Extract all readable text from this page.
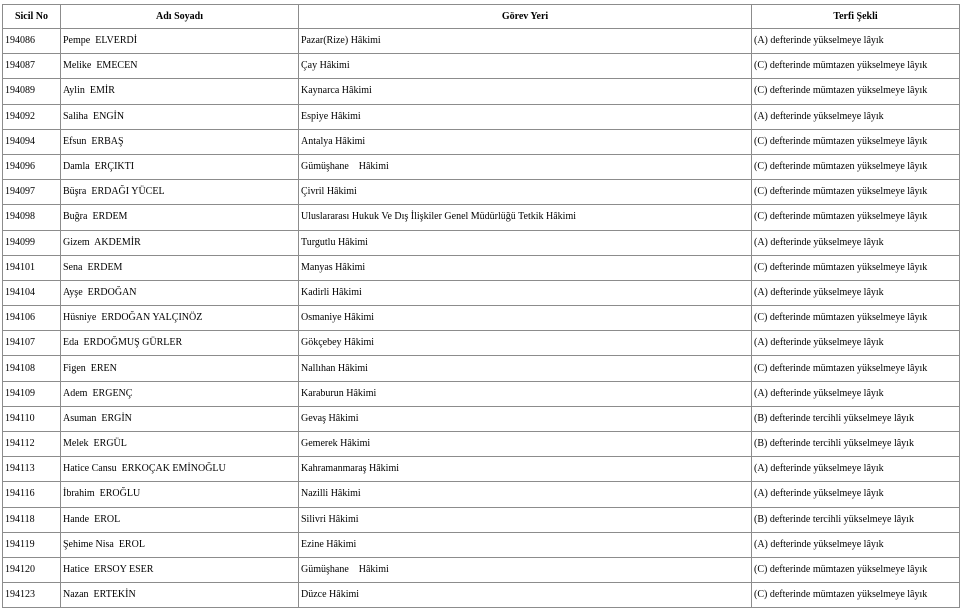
Sicil No	Adı Soyadı	Görev Yeri	Terfi Şekli
194086	Pempe  ELVERDİ	Pazar(Rize) Hâkimi	(A) defterinde yükselmeye lâyık
194087	Melike  EMECEN	Çay Hâkimi	(C) defterinde mümtazen yükselmeye lâyık
194089	Aylin  EMİR	Kaynarca Hâkimi	(C) defterinde mümtazen yükselmeye lâyık
194092	Saliha  ENGİN	Espiye Hâkimi	(A) defterinde yükselmeye lâyık
194094	Efsun  ERBAŞ	Antalya Hâkimi	(C) defterinde mümtazen yükselmeye lâyık
194096	Damla  ERÇIKTI	Gümüşhane    Hâkimi	(C) defterinde mümtazen yükselmeye lâyık
194097	Büşra  ERDAĞI YÜCEL	Çivril Hâkimi	(C) defterinde mümtazen yükselmeye lâyık
194098	Buğra  ERDEM	Uluslararası Hukuk Ve Dış İlişkiler Genel Müdürlüğü Tetkik Hâkimi	(C) defterinde mümtazen yükselmeye lâyık
194099	Gizem  AKDEMİR	Turgutlu Hâkimi	(A) defterinde yükselmeye lâyık
194101	Sena  ERDEM	Manyas Hâkimi	(C) defterinde mümtazen yükselmeye lâyık
194104	Ayşe  ERDOĞAN	Kadirli Hâkimi	(A) defterinde yükselmeye lâyık
194106	Hüsniye  ERDOĞAN YALÇINÖZ	Osmaniye Hâkimi	(C) defterinde mümtazen yükselmeye lâyık
194107	Eda  ERDOĞMUŞ GÜRLER	Gökçebey Hâkimi	(A) defterinde yükselmeye lâyık
194108	Figen  EREN	Nallıhan Hâkimi	(C) defterinde mümtazen yükselmeye lâyık
194109	Adem  ERGENÇ	Karaburun Hâkimi	(A) defterinde yükselmeye lâyık
194110	Asuman  ERGİN	Gevaş Hâkimi	(B) defterinde tercihli yükselmeye lâyık
194112	Melek  ERGÜL	Gemerek Hâkimi	(B) defterinde tercihli yükselmeye lâyık
194113	Hatice Cansu  ERKOÇAK EMİNOĞLU	Kahramanmaraş Hâkimi	(A) defterinde yükselmeye lâyık
194116	İbrahim  EROĞLU	Nazilli Hâkimi	(A) defterinde yükselmeye lâyık
194118	Hande  EROL	Silivri Hâkimi	(B) defterinde tercihli yükselmeye lâyık
194119	Şehime Nisa  EROL	Ezine Hâkimi	(A) defterinde yükselmeye lâyık
194120	Hatice  ERSOY ESER	Gümüşhane    Hâkimi	(C) defterinde mümtazen yükselmeye lâyık
194123	Nazan  ERTEKİN	Düzce Hâkimi	(C) defterinde mümtazen yükselmeye lâyık
